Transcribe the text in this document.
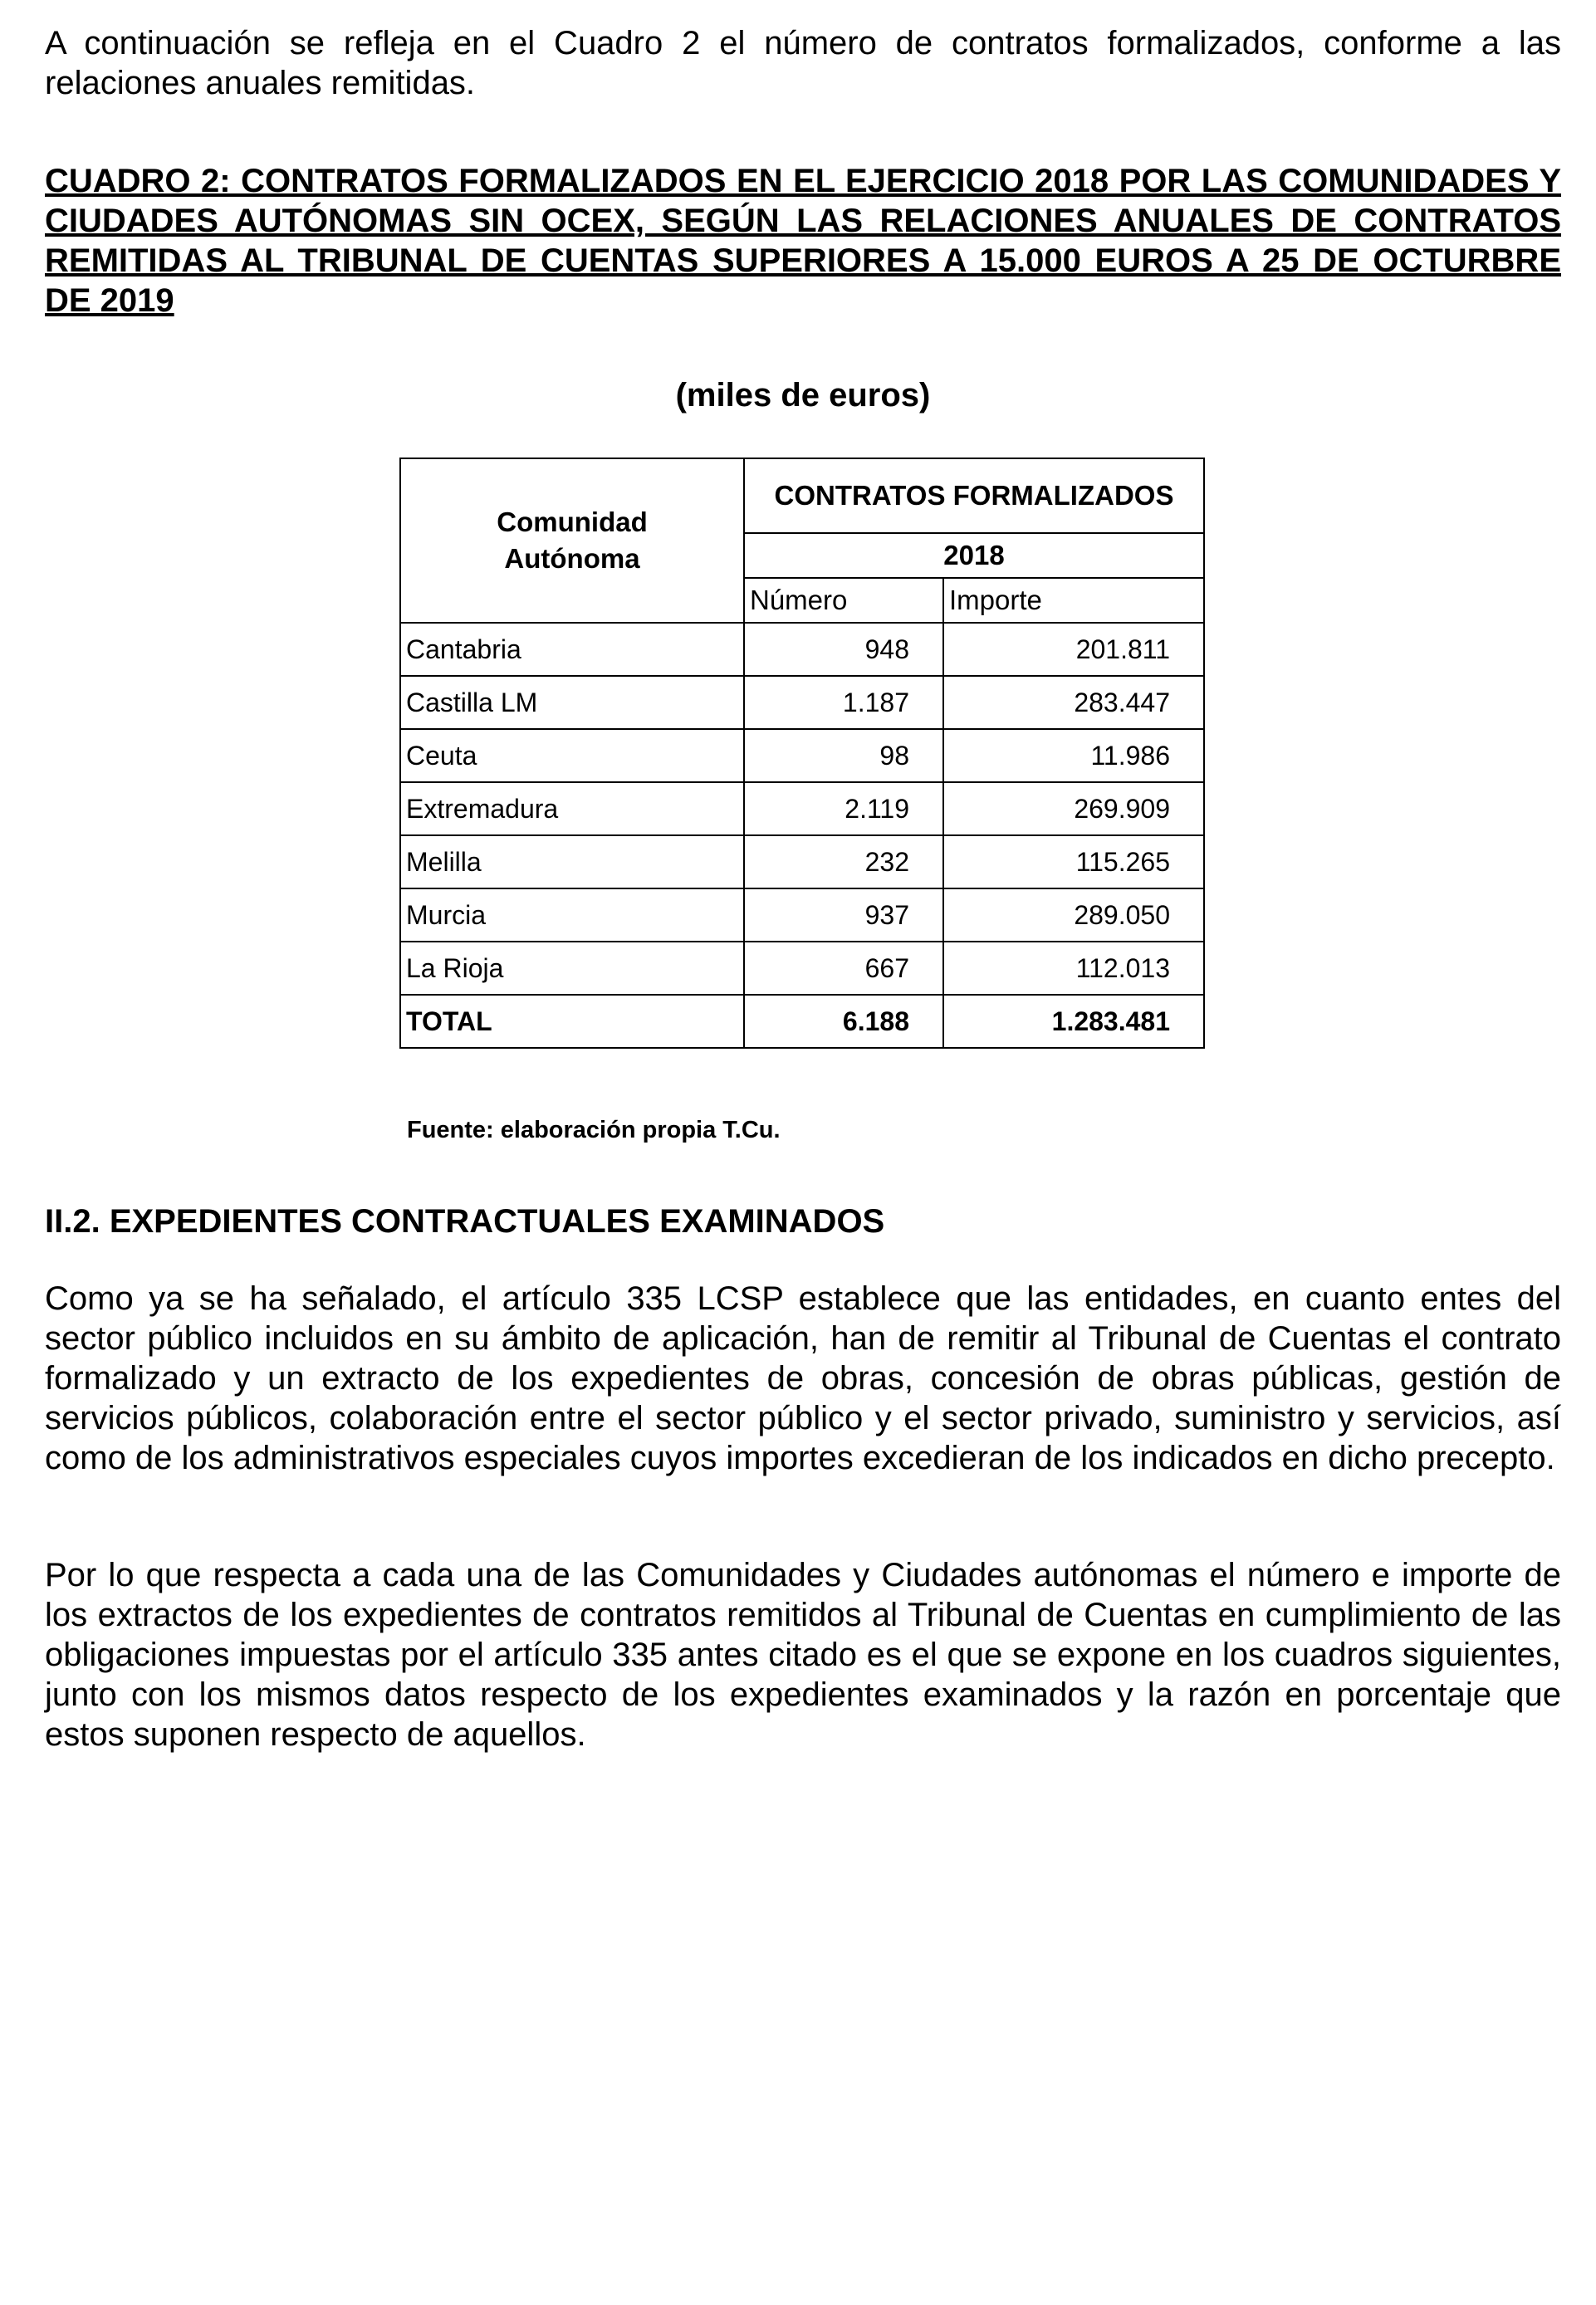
A continuación se refleja en el Cuadro 2 el número de contratos formalizados, conforme a las relaciones anuales remitidas.

CUADRO 2: CONTRATOS FORMALIZADOS EN EL EJERCICIO 2018 POR LAS COMUNIDADES Y CIUDADES AUTÓNOMAS SIN OCEX, SEGÚN LAS RELACIONES ANUALES DE CONTRATOS REMITIDAS AL TRIBUNAL DE CUENTAS SUPERIORES A 15.000 EUROS A 25 DE OCTURBRE DE 2019
(miles de euros)
Comunidad Autónoma	CONTRATOS FORMALIZADOS	
	2018	
	Número	Importe
Cantabria	948	201.811
Castilla LM	1.187	283.447
Ceuta	98	11.986
Extremadura	2.119	269.909
Melilla	232	115.265
Murcia	937	289.050
La Rioja	667	112.013
TOTAL	6.188	1.283.481
Fuente: elaboración propia T.Cu.
II.2. EXPEDIENTES CONTRACTUALES EXAMINADOS

Como ya se ha señalado, el artículo 335 LCSP establece que las entidades, en cuanto entes del sector público incluidos en su ámbito de aplicación, han de remitir al Tribunal de Cuentas el contrato formalizado y un extracto de los expedientes de obras, concesión de obras públicas, gestión de servicios públicos, colaboración entre el sector público y el sector privado, suministro y servicios, así como de los administrativos especiales cuyos importes excedieran de los indicados en dicho precepto.

Por lo que respecta a cada una de las Comunidades y Ciudades autónomas el número e importe de los extractos de los expedientes de contratos remitidos al Tribunal de Cuentas en cumplimiento de las obligaciones impuestas por el artículo 335 antes citado es el que se expone en los cuadros siguientes, junto con los mismos datos respecto de los expedientes examinados y la razón en porcentaje que estos suponen respecto de aquellos.
